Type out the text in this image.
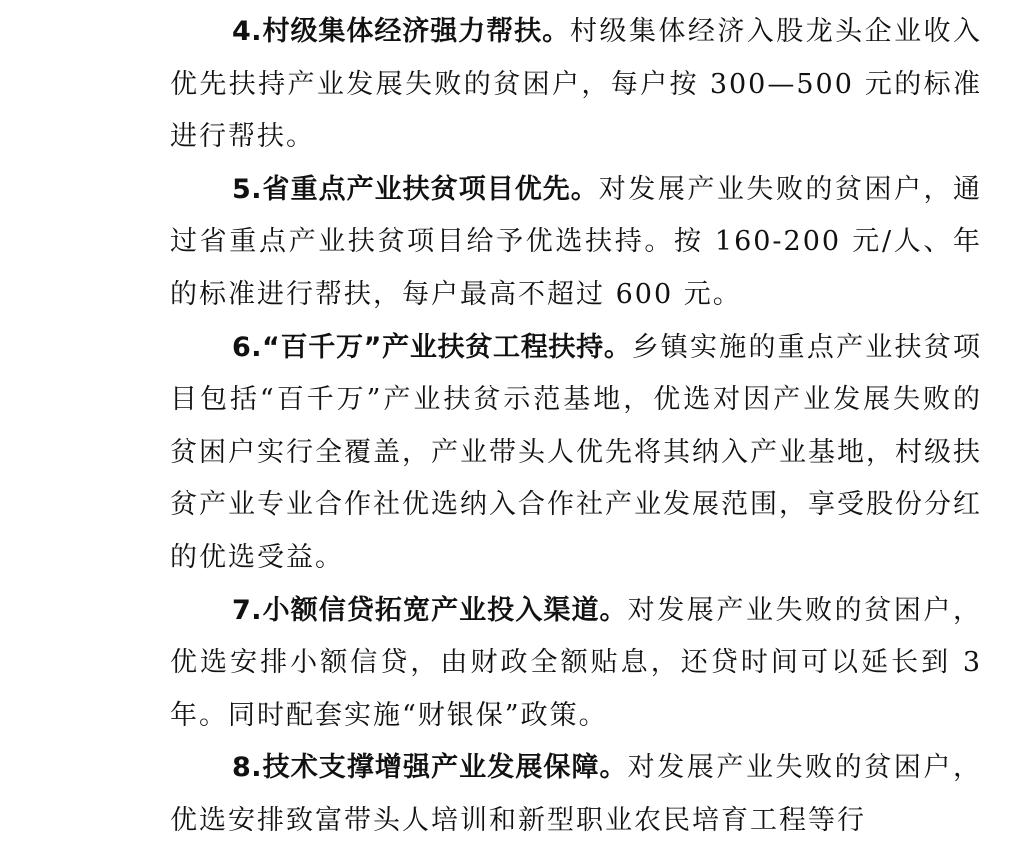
4.村级集体经济强力帮扶。村级集体经济入股龙头企业收入优先扶持产业发展失败的贫困户，每户按 300—500 元的标准进行帮扶。

5.省重点产业扶贫项目优先。对发展产业失败的贫困户，通过省重点产业扶贫项目给予优选扶持。按 160-200 元/人、年的标准进行帮扶，每户最高不超过 600 元。

6.“百千万”产业扶贫工程扶持。乡镇实施的重点产业扶贫项目包括“百千万”产业扶贫示范基地，优选对因产业发展失败的贫困户实行全覆盖，产业带头人优先将其纳入产业基地，村级扶贫产业专业合作社优选纳入合作社产业发展范围，享受股份分红的优选受益。

7.小额信贷拓宽产业投入渠道。对发展产业失败的贫困户，优选安排小额信贷，由财政全额贴息，还贷时间可以延长到 3 年。同时配套实施“财银保”政策。

8.技术支撑增强产业发展保障。对发展产业失败的贫困户，优选安排致富带头人培训和新型职业农民培育工程等行
